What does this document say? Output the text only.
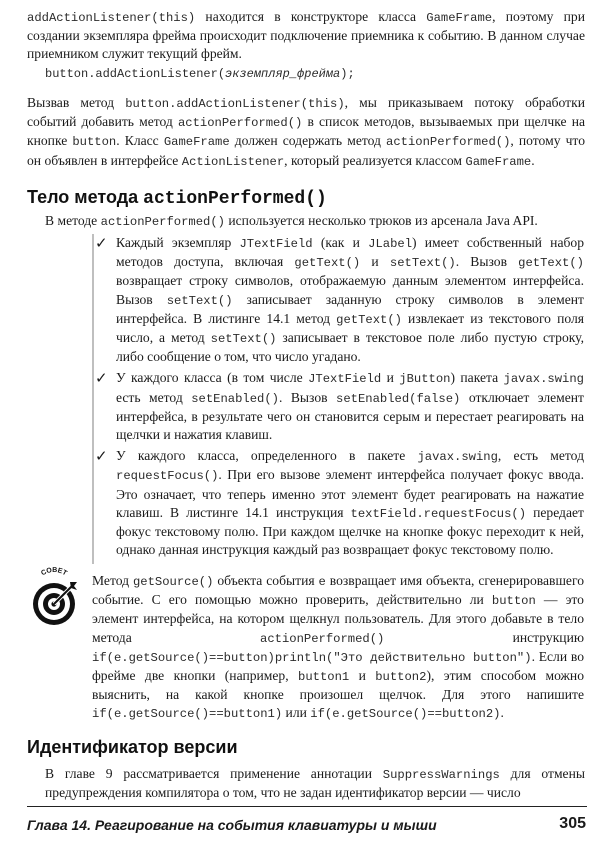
addActionListener(this) находится в конструкторе класса GameFrame, поэтому при создании экземпляра фрейма происходит подключение приемника к событию. В данном случае приемником служит текущий фрейм.

button.addActionListener(экземпляр_фрейма);

Вызвав метод button.addActionListener(this), мы приказываем потоку обработки событий добавить метод actionPerformed() в список методов, вызываемых при щелчке на кнопке button. Класс GameFrame должен содержать метод actionPerformed(), потому что он объявлен в интерфейсе ActionListener, который реализуется классом GameFrame.

Тело метода actionPerformed()

В методе actionPerformed() используется несколько трюков из арсенала Java API.

✓ Каждый экземпляр JTextField (как и JLabel) имеет собственный набор методов доступа, включая getText() и setText(). Вызов getText() возвращает строку символов, отображаемую данным элементом интерфейса. Вызов setText() записывает заданную строку символов в элемент интерфейса. В листинге 14.1 метод getText() извлекает из текстового поля число, а метод setText() записывает в текстовое поле либо пустую строку, либо сообщение о том, что число угадано.

✓ У каждого класса (в том числе JTextField и jButton) пакета javax.swing есть метод setEnabled(). Вызов setEnabled(false) отключает элемент интерфейса, в результате чего он становится серым и перестает реагировать на щелчки и нажатия клавиш.

✓ У каждого класса, определенного в пакете javax.swing, есть метод requestFocus(). При его вызове элемент интерфейса получает фокус ввода. Это означает, что теперь именно этот элемент будет реагировать на нажатие клавиш. В листинге 14.1 инструкция textField.requestFocus() передает фокус текстовому полю. При каждом щелчке на кнопке фокус переходит к ней, однако данная инструкция каждый раз возвращает фокус текстовому полю.

СОВЕТ Метод getSource() объекта события e возвращает имя объекта, сгенерировавшего событие. С его помощью можно проверить, действительно ли button — это элемент интерфейса, на котором щелкнул пользователь. Для этого добавьте в тело метода actionPerformed() инструкцию if(e.getSource()==button)println("Это действительно button"). Если во фрейме две кнопки (например, button1 и button2), этим способом можно выяснить, на какой кнопке произошел щелчок. Для этого напишите if(e.getSource()==button1) или if(e.getSource()==button2).

Идентификатор версии

В главе 9 рассматривается применение аннотации SuppressWarnings для отмены предупреждения компилятора о том, что не задан идентификатор версии — число

Глава 14. Реагирование на события клавиатуры и мыши	305
